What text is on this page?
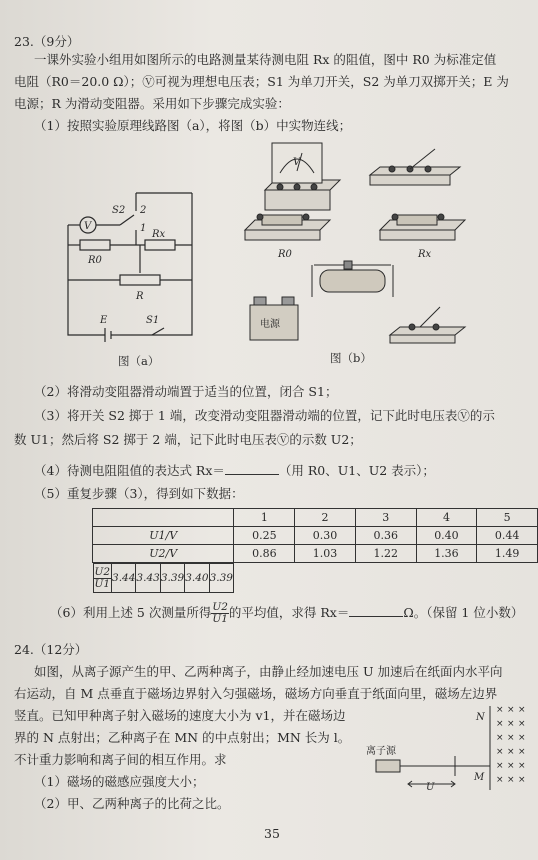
23.（9分）
一课外实验小组用如图所示的电路测量某待测电阻 Rx 的阻值，图中 R0 为标准定值
电阻（R0＝20.0 Ω）；Ⓥ可视为理想电压表；S1 为单刀开关，S2 为单刀双掷开关；E 为
电源；R 为滑动变阻器。采用如下步骤完成实验：
（1）按照实验原理线路图（a），将图（b）中实物连线；
V
S2 2
1
Rx
R0
R
E	S1
图（a）
V
R0	Rx
电源
图（b）
（2）将滑动变阻器滑动端置于适当的位置，闭合 S1；
（3）将开关 S2 掷于 1 端，改变滑动变阻器滑动端的位置，记下此时电压表Ⓥ的示
数 U1；然后将 S2 掷于 2 端，记下此时电压表Ⓥ的示数 U2；
（4）待测电阻阻值的表达式 Rx＝	（用 R0、U1、U2 表示）；
（5）重复步骤（3），得到如下数据：
	1	2	3	4	5
U1/V	0.25	0.30	0.36	0.40	0.44
U2/V	0.86	1.03	1.22	1.36	1.49

$\frac{U2}{U1}$	3.44	3.43	3.39	3.40	3.39
（6）利用上述 5 次测量所得 $\frac{U2}{U1}$ 的平均值，求得 Rx＝	Ω。（保留 1 位小数）
24.（12分）
如图，从离子源产生的甲、乙两种离子，由静止经加速电压 U 加速后在纸面内水平向
右运动，自 M 点垂直于磁场边界射入匀强磁场，磁场方向垂直于纸面向里，磁场左边界
竖直。已知甲种离子射入磁场的速度大小为 v1，并在磁场边
界的 N 点射出；乙种离子在 MN 的中点射出；MN 长为 l。
不计重力影响和离子间的相互作用。求
（1）磁场的磁感应强度大小；
（2）甲、乙两种离子的比荷之比。
离子源
N
M
U
× × ×
× × ×
× × ×
× × ×
× × ×
× × ×
35
